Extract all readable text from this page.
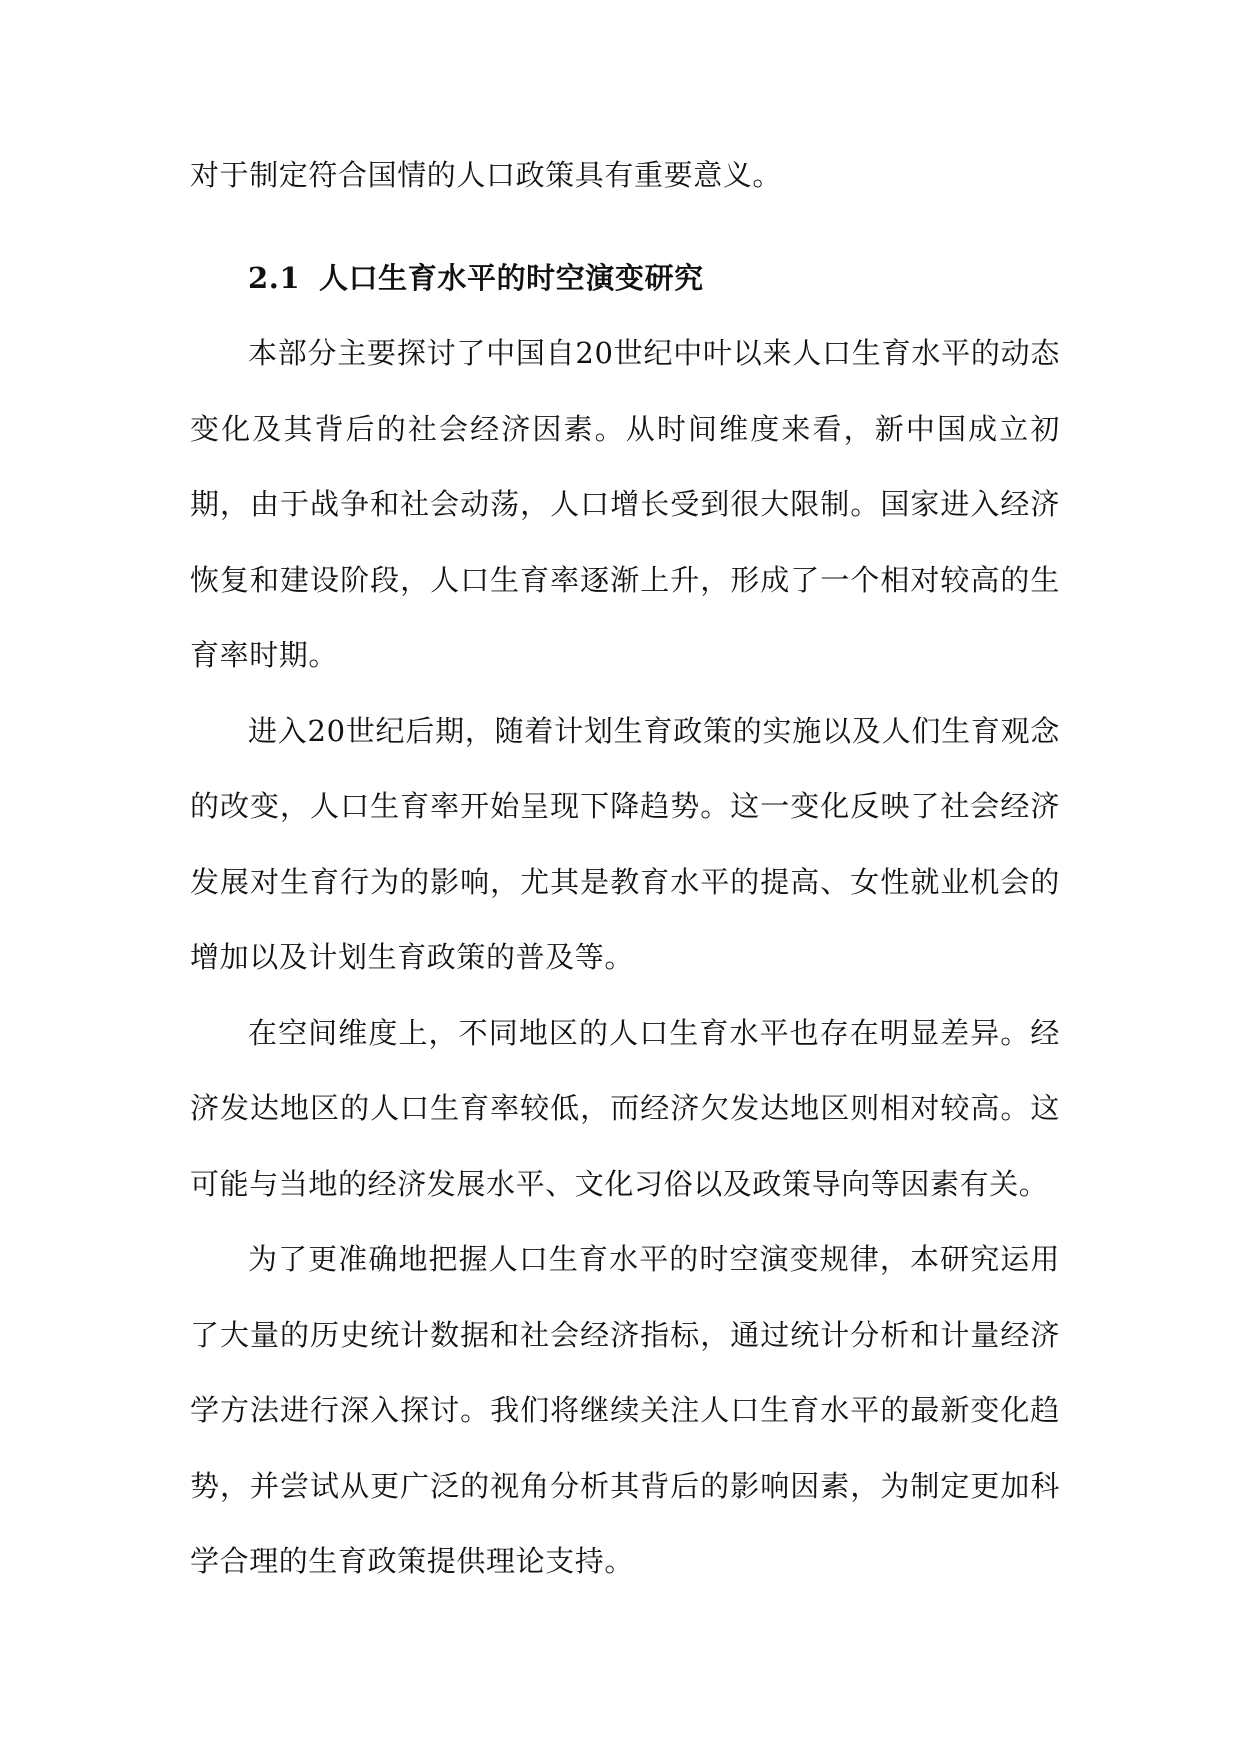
对于制定符合国情的人口政策具有重要意义。

2.1 人口生育水平的时空演变研究

本部分主要探讨了中国自20世纪中叶以来人口生育水平的动态变化及其背后的社会经济因素。从时间维度来看，新中国成立初期，由于战争和社会动荡，人口增长受到很大限制。国家进入经济恢复和建设阶段，人口生育率逐渐上升，形成了一个相对较高的生育率时期。

进入20世纪后期，随着计划生育政策的实施以及人们生育观念的改变，人口生育率开始呈现下降趋势。这一变化反映了社会经济发展对生育行为的影响，尤其是教育水平的提高、女性就业机会的增加以及计划生育政策的普及等。

在空间维度上，不同地区的人口生育水平也存在明显差异。经济发达地区的人口生育率较低，而经济欠发达地区则相对较高。这可能与当地的经济发展水平、文化习俗以及政策导向等因素有关。

为了更准确地把握人口生育水平的时空演变规律，本研究运用了大量的历史统计数据和社会经济指标，通过统计分析和计量经济学方法进行深入探讨。我们将继续关注人口生育水平的最新变化趋势，并尝试从更广泛的视角分析其背后的影响因素，为制定更加科学合理的生育政策提供理论支持。
